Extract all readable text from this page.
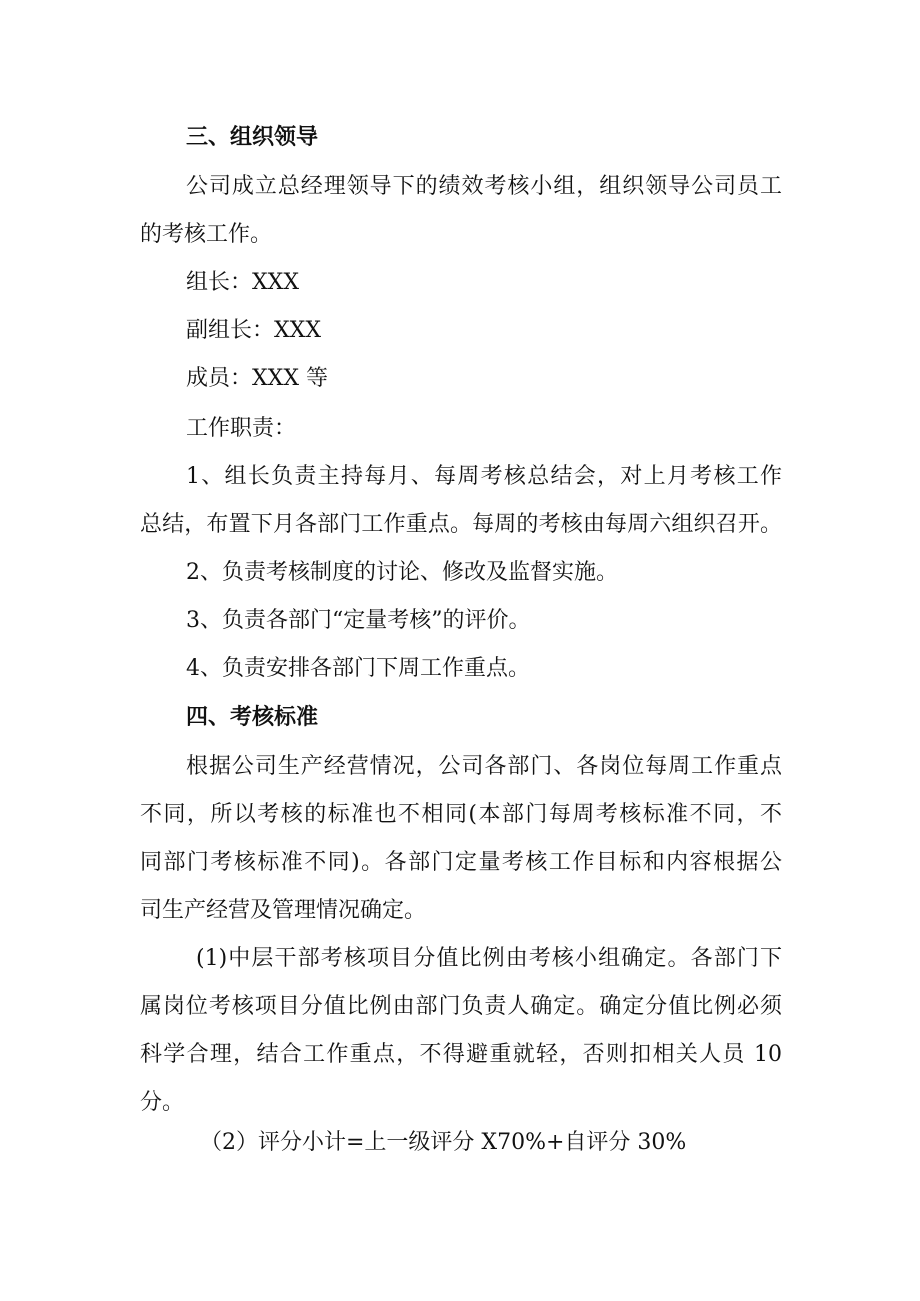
三、组织领导
公司成立总经理领导下的绩效考核小组，组织领导公司员工
的考核工作。
组长：XXX
副组长：XXX
成员：XXX 等
工作职责：
1、组长负责主持每月、每周考核总结会，对上月考核工作
总结，布置下月各部门工作重点。每周的考核由每周六组织召开。
2、负责考核制度的讨论、修改及监督实施。
3、负责各部门“定量考核”的评价。
4、负责安排各部门下周工作重点。
四、考核标准
根据公司生产经营情况，公司各部门、各岗位每周工作重点
不同，所以考核的标准也不相同(本部门每周考核标准不同，不
同部门考核标准不同)。各部门定量考核工作目标和内容根据公
司生产经营及管理情况确定。
(1)中层干部考核项目分值比例由考核小组确定。各部门下
属岗位考核项目分值比例由部门负责人确定。确定分值比例必须
科学合理，结合工作重点，不得避重就轻，否则扣相关人员 10
分。
（2）评分小计=上一级评分 X70%+自评分 30%
